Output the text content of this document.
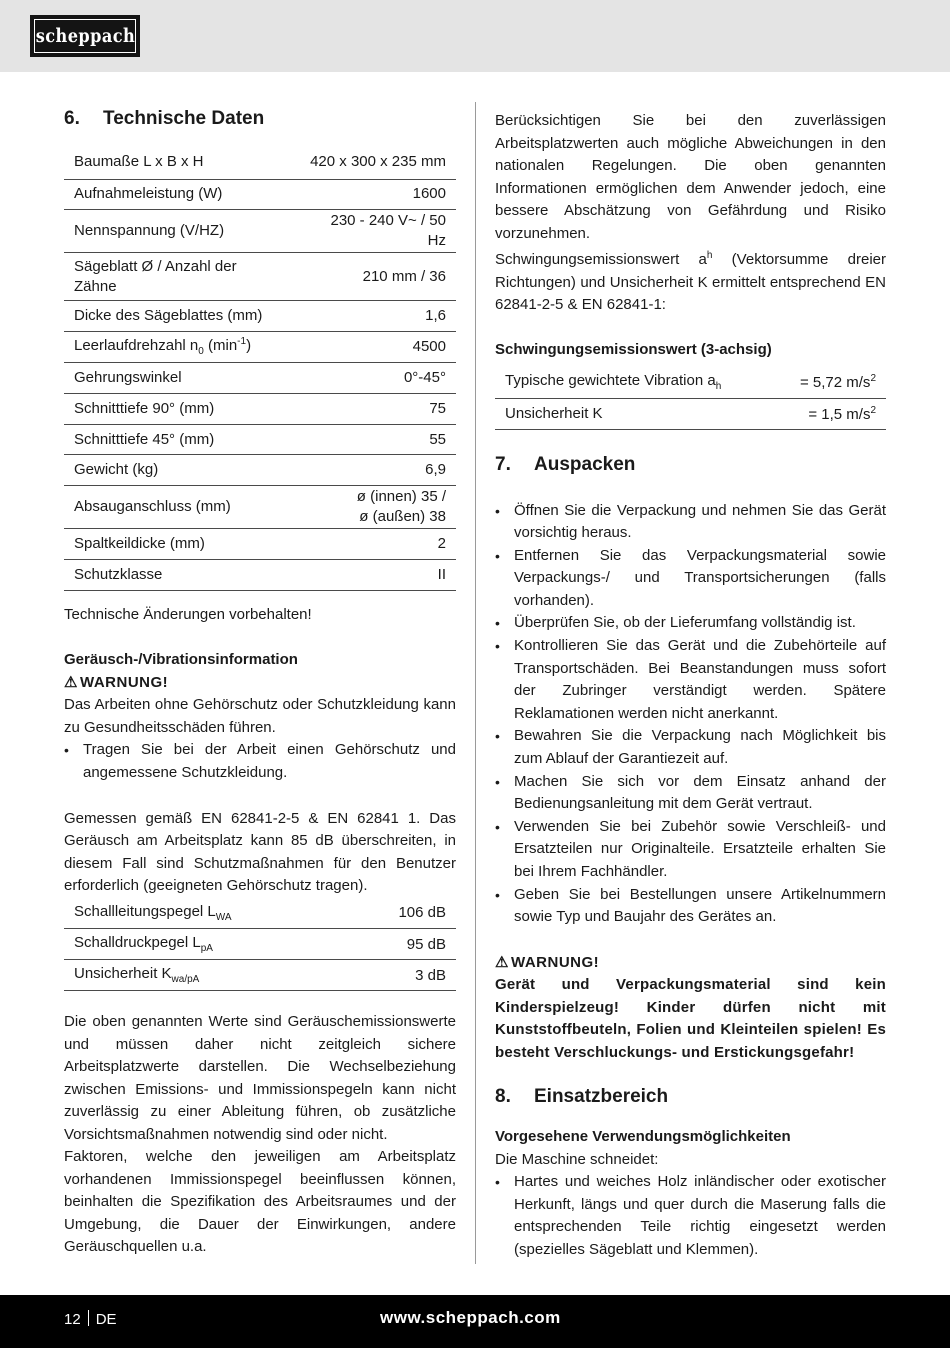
scheppach
6.	Technische Daten
Baumaße L x B x H	420 x 300 x 235 mm
Aufnahmeleistung (W)	1600
Nennspannung (V/HZ)	230 - 240 V~ / 50
Hz
Sägeblatt Ø / Anzahl der
Zähne	210 mm / 36
Dicke des Sägeblattes (mm)	1,6
Leerlaufdrehzahl $n_0$ $(\min^{-1})$	4500
Gehrungswinkel	0°-45°
Schnitttiefe 90° (mm)	75
Schnitttiefe 45° (mm)	55
Gewicht (kg)	6,9
Absauganschluss (mm)	ø (innen) 35 /
ø (außen) 38
Spaltkeildicke (mm)	2
Schutzklasse	II

Technische Änderungen vorbehalten!

Geräusch-/Vibrationsinformation

⚠ WARNUNG!

Das Arbeiten ohne Gehörschutz oder Schutzkleidung kann zu Gesundheitsschäden führen.

• Tragen Sie bei der Arbeit einen Gehörschutz und angemessene Schutzkleidung.

Gemessen gemäß EN 62841-2-5 & EN 62841 1. Das Geräusch am Arbeitsplatz kann 85 dB überschreiten, in diesem Fall sind Schutzmaßnahmen für den Benutzer erforderlich (geeigneten Gehörschutz tragen).

Schallleitungspegel $L_{WA}$	106 dB
Schalldruckpegel $L_{pA}$	95 dB
Unsicherheit $K_{wa/pA}$	3 dB

Die oben genannten Werte sind Geräuschemissionswerte und müssen daher nicht zeitgleich sichere Arbeitsplatzwerte darstellen. Die Wechselbeziehung zwischen Emissions- und Immissionspegeln kann nicht zuverlässig zu einer Ableitung führen, ob zusätzliche Vorsichtsmaßnahmen notwendig sind oder nicht.

Faktoren, welche den jeweiligen am Arbeitsplatz vorhandenen Immissionspegel beeinflussen können, beinhalten die Spezifikation des Arbeitsraumes und der Umgebung, die Dauer der Einwirkungen, andere Geräuschquellen u.a.

Berücksichtigen Sie bei den zuverlässigen Arbeitsplatzwerten auch mögliche Abweichungen in den nationalen Regelungen. Die oben genannten Informationen ermöglichen dem Anwender jedoch, eine bessere Abschätzung von Gefährdung und Risiko vorzunehmen.

Schwingungsemissionswert $a^h$ (Vektorsumme dreier Richtungen) und Unsicherheit K ermittelt entsprechend EN 62841-2-5 & EN 62841-1:

Schwingungsemissionswert (3-achsig)

Typische gewichtete Vibration $a_h$	= 5,72 $m/s^2$
Unsicherheit K	= 1,5 $m/s^2$
7.	Auspacken
• Öffnen Sie die Verpackung und nehmen Sie das Gerät vorsichtig heraus.
• Entfernen Sie das Verpackungsmaterial sowie Verpackungs-/ und Transportsicherungen (falls vorhanden).
• Überprüfen Sie, ob der Lieferumfang vollständig ist.
• Kontrollieren Sie das Gerät und die Zubehörteile auf Transportschäden. Bei Beanstandungen muss sofort der Zubringer verständigt werden. Spätere Reklamationen werden nicht anerkannt.
• Bewahren Sie die Verpackung nach Möglichkeit bis zum Ablauf der Garantiezeit auf.
• Machen Sie sich vor dem Einsatz anhand der Bedienungsanleitung mit dem Gerät vertraut.
• Verwenden Sie bei Zubehör sowie Verschleiß- und Ersatzteilen nur Originalteile. Ersatzteile erhalten Sie bei Ihrem Fachhändler.
• Geben Sie bei Bestellungen unsere Artikelnummern sowie Typ und Baujahr des Gerätes an.
⚠ WARNUNG!

Gerät und Verpackungsmaterial sind kein Kinderspielzeug! Kinder dürfen nicht mit Kunststoffbeuteln, Folien und Kleinteilen spielen! Es besteht Verschluckungs- und Erstickungsgefahr!

8.	Einsatzbereich

Vorgesehene Verwendungsmöglichkeiten

Die Maschine schneidet:

• Hartes und weiches Holz inländischer oder exotischer Herkunft, längs und quer durch die Maserung falls die entsprechenden Teile richtig eingesetzt werden (spezielles Sägeblatt und Klemmen).
12 DE	www.scheppach.com
